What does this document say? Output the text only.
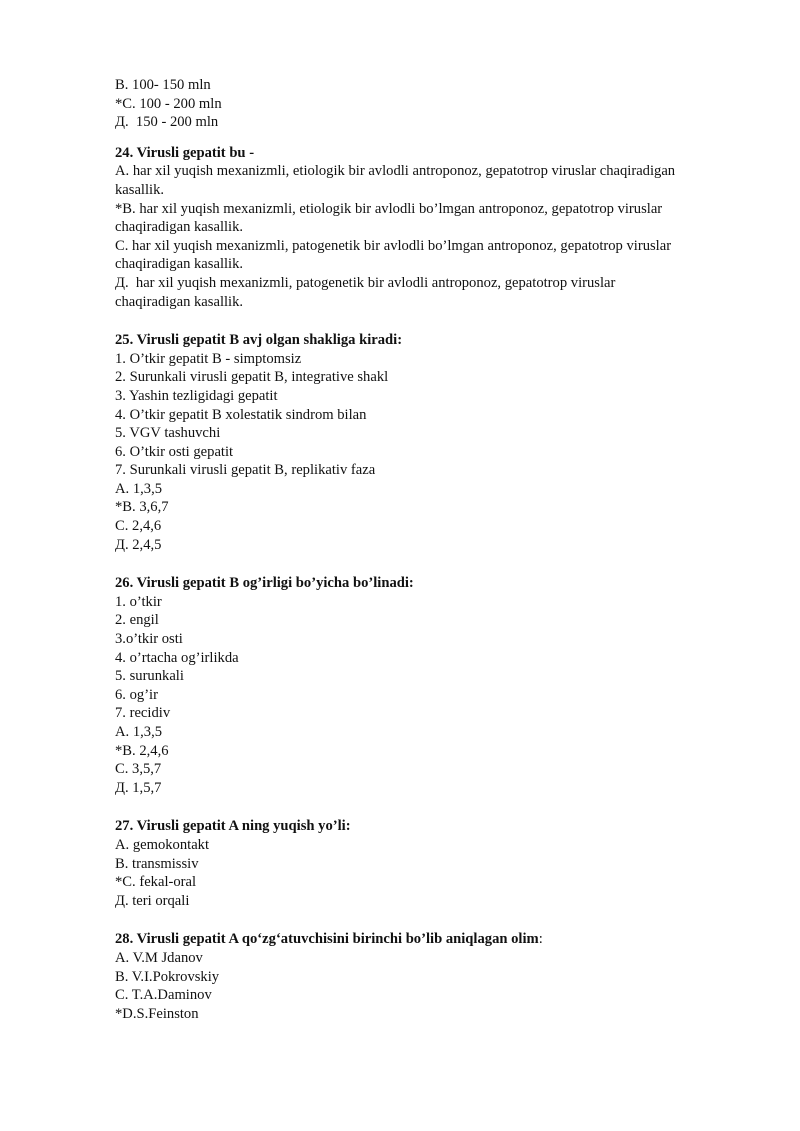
B. 100- 150 mln
*C. 100 - 200 mln
Д.  150 - 200 mln
24. Virusli gepatit bu -
A. har xil yuqish mexanizmli, etiologik bir avlodli antroponoz, gepatotrop viruslar chaqiradigan
kasallik.
*B. har xil yuqish mexanizmli, etiologik bir avlodli bo’lmgan antroponoz, gepatotrop viruslar
chaqiradigan kasallik.
C. har xil yuqish mexanizmli, patogenetik bir avlodli bo’lmgan antroponoz, gepatotrop viruslar
chaqiradigan kasallik.
Д.  har xil yuqish mexanizmli, patogenetik bir avlodli antroponoz, gepatotrop viruslar
chaqiradigan kasallik.
25. Virusli gepatit B avj olgan shakliga kiradi:
1. O’tkir gepatit B - simptomsiz
2. Surunkali virusli gepatit B, integrative shakl
3. Yashin tezligidagi gepatit
4. O’tkir gepatit B xolestatik sindrom bilan
5. VGV tashuvchi
6. O’tkir osti gepatit
7. Surunkali virusli gepatit B, replikativ faza
A. 1,3,5
*B. 3,6,7
C. 2,4,6
Д. 2,4,5
26. Virusli gepatit B og’irligi bo’yicha bo’linadi:
1. o’tkir
2. engil
3.o’tkir osti
4. o’rtacha og’irlikda
5. surunkali
6. og’ir
7. recidiv
A. 1,3,5
*B. 2,4,6
C. 3,5,7
Д. 1,5,7
27. Virusli gepatit A ning yuqish yo’li:
A. gemokontakt
B. transmissiv
*C. fekal-oral
Д. teri orqali
28. Virusli gepatit A qo‘zg‘atuvchisini birinchi bo’lib aniqlagan olim:
A. V.M Jdanov
B. V.I.Pokrovskiy
C. T.A.Daminov
*D.S.Feinston
